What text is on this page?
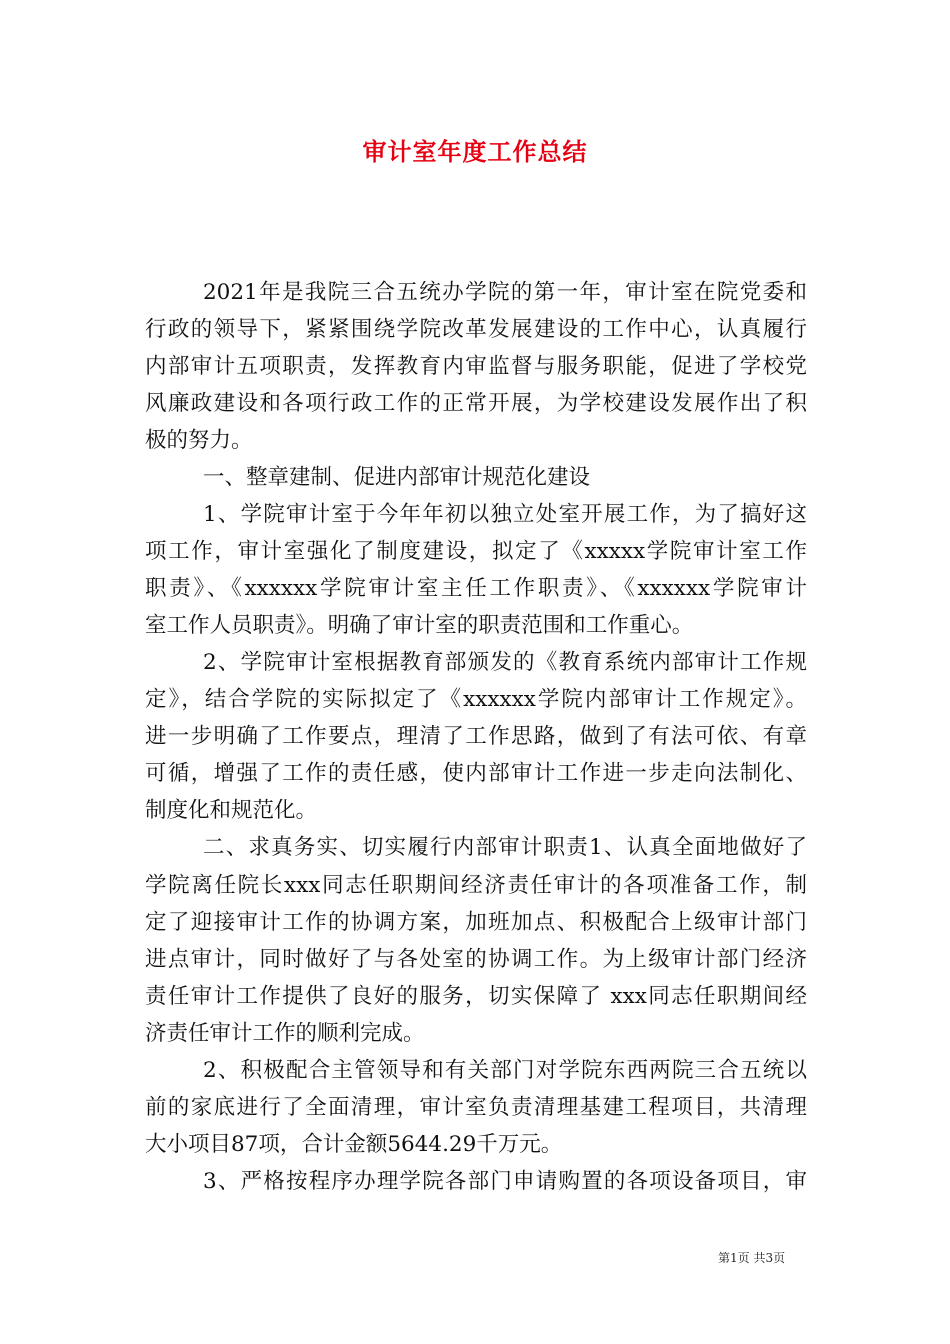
审计室年度工作总结
2021年是我院三合五统办学院的第一年，审计室在院党委和
行政的领导下，紧紧围绕学院改革发展建设的工作中心，认真履行
内部审计五项职责，发挥教育内审监督与服务职能，促进了学校党
风廉政建设和各项行政工作的正常开展，为学校建设发展作出了积
极的努力。
一、整章建制、促进内部审计规范化建设
1、学院审计室于今年年初以独立处室开展工作，为了搞好这
项工作，审计室强化了制度建设，拟定了《xxxxx学院审计室工作
职责》、《xxxxxx学院审计室主任工作职责》、《xxxxxx学院审计
室工作人员职责》。明确了审计室的职责范围和工作重心。
2、学院审计室根据教育部颁发的《教育系统内部审计工作规
定》，结合学院的实际拟定了《xxxxxx学院内部审计工作规定》。
进一步明确了工作要点，理清了工作思路，做到了有法可依、有章
可循，增强了工作的责任感，使内部审计工作进一步走向法制化、
制度化和规范化。
二、求真务实、切实履行内部审计职责1、认真全面地做好了
学院离任院长xxx同志任职期间经济责任审计的各项准备工作，制
定了迎接审计工作的协调方案，加班加点、积极配合上级审计部门
进点审计，同时做好了与各处室的协调工作。为上级审计部门经济
责任审计工作提供了良好的服务，切实保障了 xxx同志任职期间经
济责任审计工作的顺利完成。
2、积极配合主管领导和有关部门对学院东西两院三合五统以
前的家底进行了全面清理，审计室负责清理基建工程项目，共清理
大小项目87项，合计金额5644.29千万元。
3、严格按程序办理学院各部门申请购置的各项设备项目，审
第1页 共3页
